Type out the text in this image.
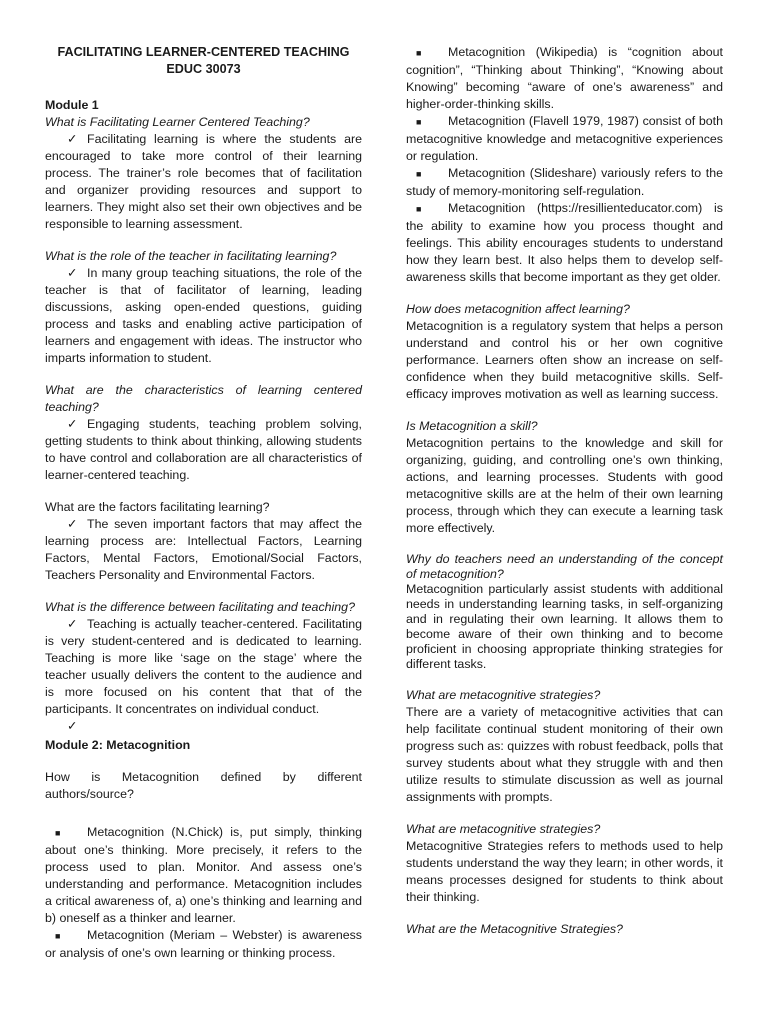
FACILITATING LEARNER-CENTERED TEACHING

EDUC 30073

Module 1

What is Facilitating Learner Centered Teaching?

✓ Facilitating learning is where the students are encouraged to take more control of their learning process. The trainer’s role becomes that of facilitation and organizer providing resources and support to learners. They might also set their own objectives and be responsible to learning assessment.

What is the role of the teacher in facilitating learning?

✓ In many group teaching situations, the role of the teacher is that of facilitator of learning, leading discussions, asking open-ended questions, guiding process and tasks and enabling active participation of learners and engagement with ideas. The instructor who imparts information to student.

What are the characteristics of learning centered teaching?

✓ Engaging students, teaching problem solving, getting students to think about thinking, allowing students to have control and collaboration are all characteristics of learner-centered teaching.

What are the factors facilitating learning?

✓ The seven important factors that may affect the learning process are: Intellectual Factors, Learning Factors, Mental Factors, Emotional/Social Factors, Teachers Personality and Environmental Factors.

What is the difference between facilitating and teaching?

✓ Teaching is actually teacher-centered. Facilitating is very student-centered and is dedicated to learning. Teaching is more like ‘sage on the stage’ where the teacher usually delivers the content to the audience and is more focused on his content that that of the participants. It concentrates on individual conduct.

✓

Module 2: Metacognition

How is Metacognition defined by different authors/source?

■ Metacognition (N.Chick) is, put simply, thinking about one’s thinking. More precisely, it refers to the process used to plan. Monitor. And assess one’s understanding and performance. Metacognition includes a critical awareness of, a) one’s thinking and learning and b) oneself as a thinker and learner.

■ Metacognition (Meriam – Webster) is awareness or analysis of one’s own learning or thinking process.

■ Metacognition (Wikipedia) is “cognition about cognition”, “Thinking about Thinking”, “Knowing about Knowing” becoming “aware of one’s awareness” and higher-order-thinking skills.

■ Metacognition (Flavell 1979, 1987) consist of both metacognitive knowledge and metacognitive experiences or regulation.

■ Metacognition (Slideshare) variously refers to the study of memory-monitoring self-regulation.

■ Metacognition (https://resillienteducator.com) is the ability to examine how you process thought and feelings. This ability encourages students to understand how they learn best. It also helps them to develop self-awareness skills that become important as they get older.

How does metacognition affect learning?

Metacognition is a regulatory system that helps a person understand and control his or her own cognitive performance. Learners often show an increase on self-confidence when they build metacognitive skills. Self-efficacy improves motivation as well as learning success.

Is Metacognition a skill?

Metacognition pertains to the knowledge and skill for organizing, guiding, and controlling one’s own thinking, actions, and learning processes. Students with good metacognitive skills are at the helm of their own learning process, through which they can execute a learning task more effectively.

Why do teachers need an understanding of the concept of metacognition?

Metacognition particularly assist students with additional needs in understanding learning tasks, in self-organizing and in regulating their own learning. It allows them to become aware of their own thinking and to become proficient in choosing appropriate thinking strategies for different tasks.

What are metacognitive strategies?

There are a variety of metacognitive activities that can help facilitate continual student monitoring of their own progress such as: quizzes with robust feedback, polls that survey students about what they struggle with and then utilize results to stimulate discussion as well as journal assignments with prompts.

What are metacognitive strategies?

Metacognitive Strategies refers to methods used to help students understand the way they learn; in other words, it means processes designed for students to think about their thinking.

What are the Metacognitive Strategies?
